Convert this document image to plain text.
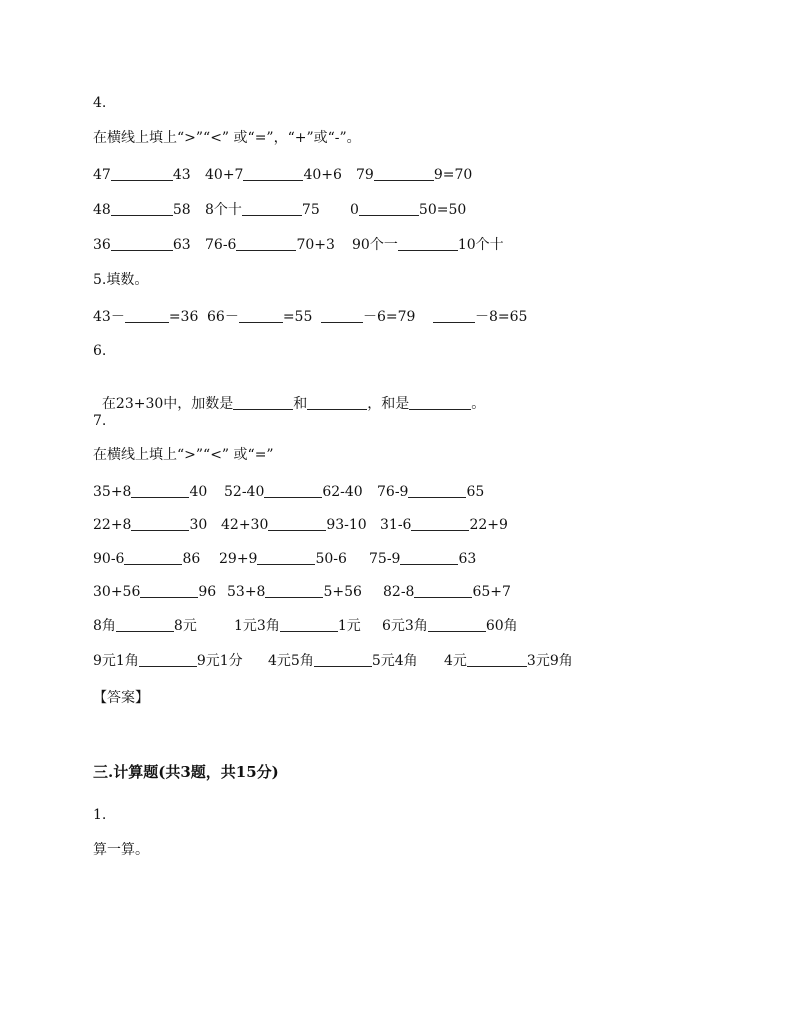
4.
在横线上填上“>”“<” 或“=”，“+”或“-”。

47	43

40+7	40+6

79	9=70

48	58

8个十	75

0	50=50

36	63

76-6	70+3

90个一	10个十

5.填数。

43－	=36

66－	=55

	－6=79

	－8=65

6.

在23+30中，加数是	和	，和是	。

7.
在横线上填上“>”“<” 或“=”

35+8	40

52-40	62-40

76-9	65

22+8	30

42+30	93-10

31-6	22+9

90-6	86

29+9	50-6

75-9	63

30+56	96

53+8	5+56

82-8	65+7

8角	8元

	1元3角	1元

6元3角	60角

9元1角	9元1分

4元5角	5元4角

4元	3元9角

【答案】
三.计算题(共3题，共15分)
1.
算一算。
